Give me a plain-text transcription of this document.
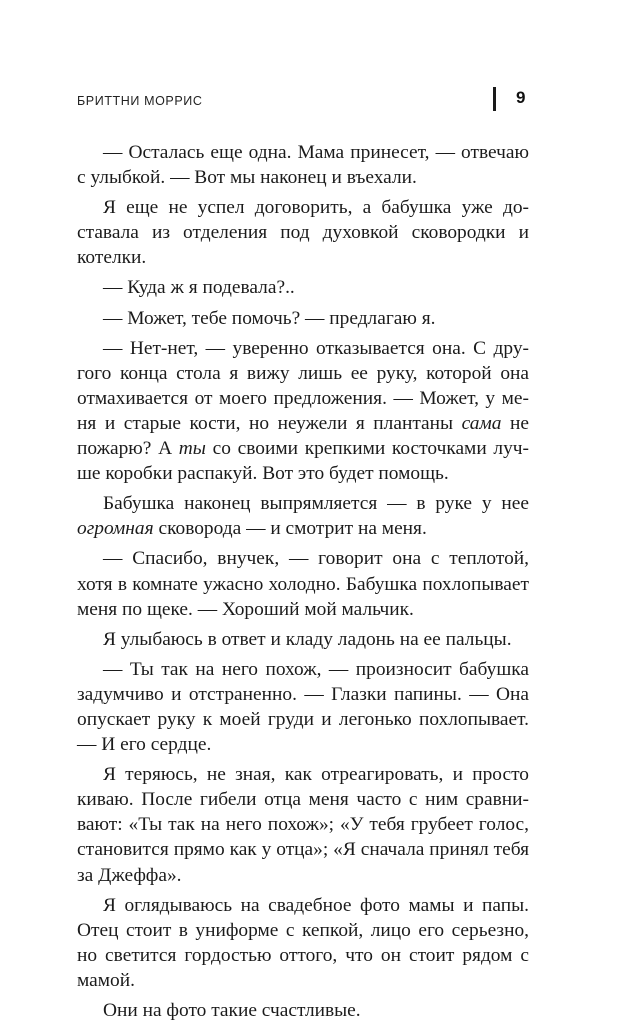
БРИТТНИ МОРРИС	9

— Осталась еще одна. Мама принесет, — отвечаю с улыбкой. — Вот мы наконец и въехали.

Я еще не успел договорить, а бабушка уже доставала из отделения под духовкой сковородки и котелки.

— Куда ж я подевала?..

— Может, тебе помочь? — предлагаю я.

— Нет-нет, — уверенно отказывается она. С другого конца стола я вижу лишь ее руку, которой она отмахивается от моего предложения. — Может, у меня и старые кости, но неужели я плантаны сама не пожарю? А ты со своими крепкими косточками лучше коробки распакуй. Вот это будет помощь.

Бабушка наконец выпрямляется — в руке у нее огромная сковорода — и смотрит на меня.

— Спасибо, внучек, — говорит она с теплотой, хотя в комнате ужасно холодно. Бабушка похлопывает меня по щеке. — Хороший мой мальчик.

Я улыбаюсь в ответ и кладу ладонь на ее пальцы.

— Ты так на него похож, — произносит бабушка задумчиво и отстраненно. — Глазки папины. — Она опускает руку к моей груди и легонько похлопывает. — И его сердце.

Я теряюсь, не зная, как отреагировать, и просто киваю. После гибели отца меня часто с ним сравнивают: «Ты так на него похож»; «У тебя грубеет голос, становится прямо как у отца»; «Я сначала принял тебя за Джеффа».

Я оглядываюсь на свадебное фото мамы и папы. Отец стоит в униформе с кепкой, лицо его серьезно, но светится гордостью оттого, что он стоит рядом с мамой.

Они на фото такие счастливые.
